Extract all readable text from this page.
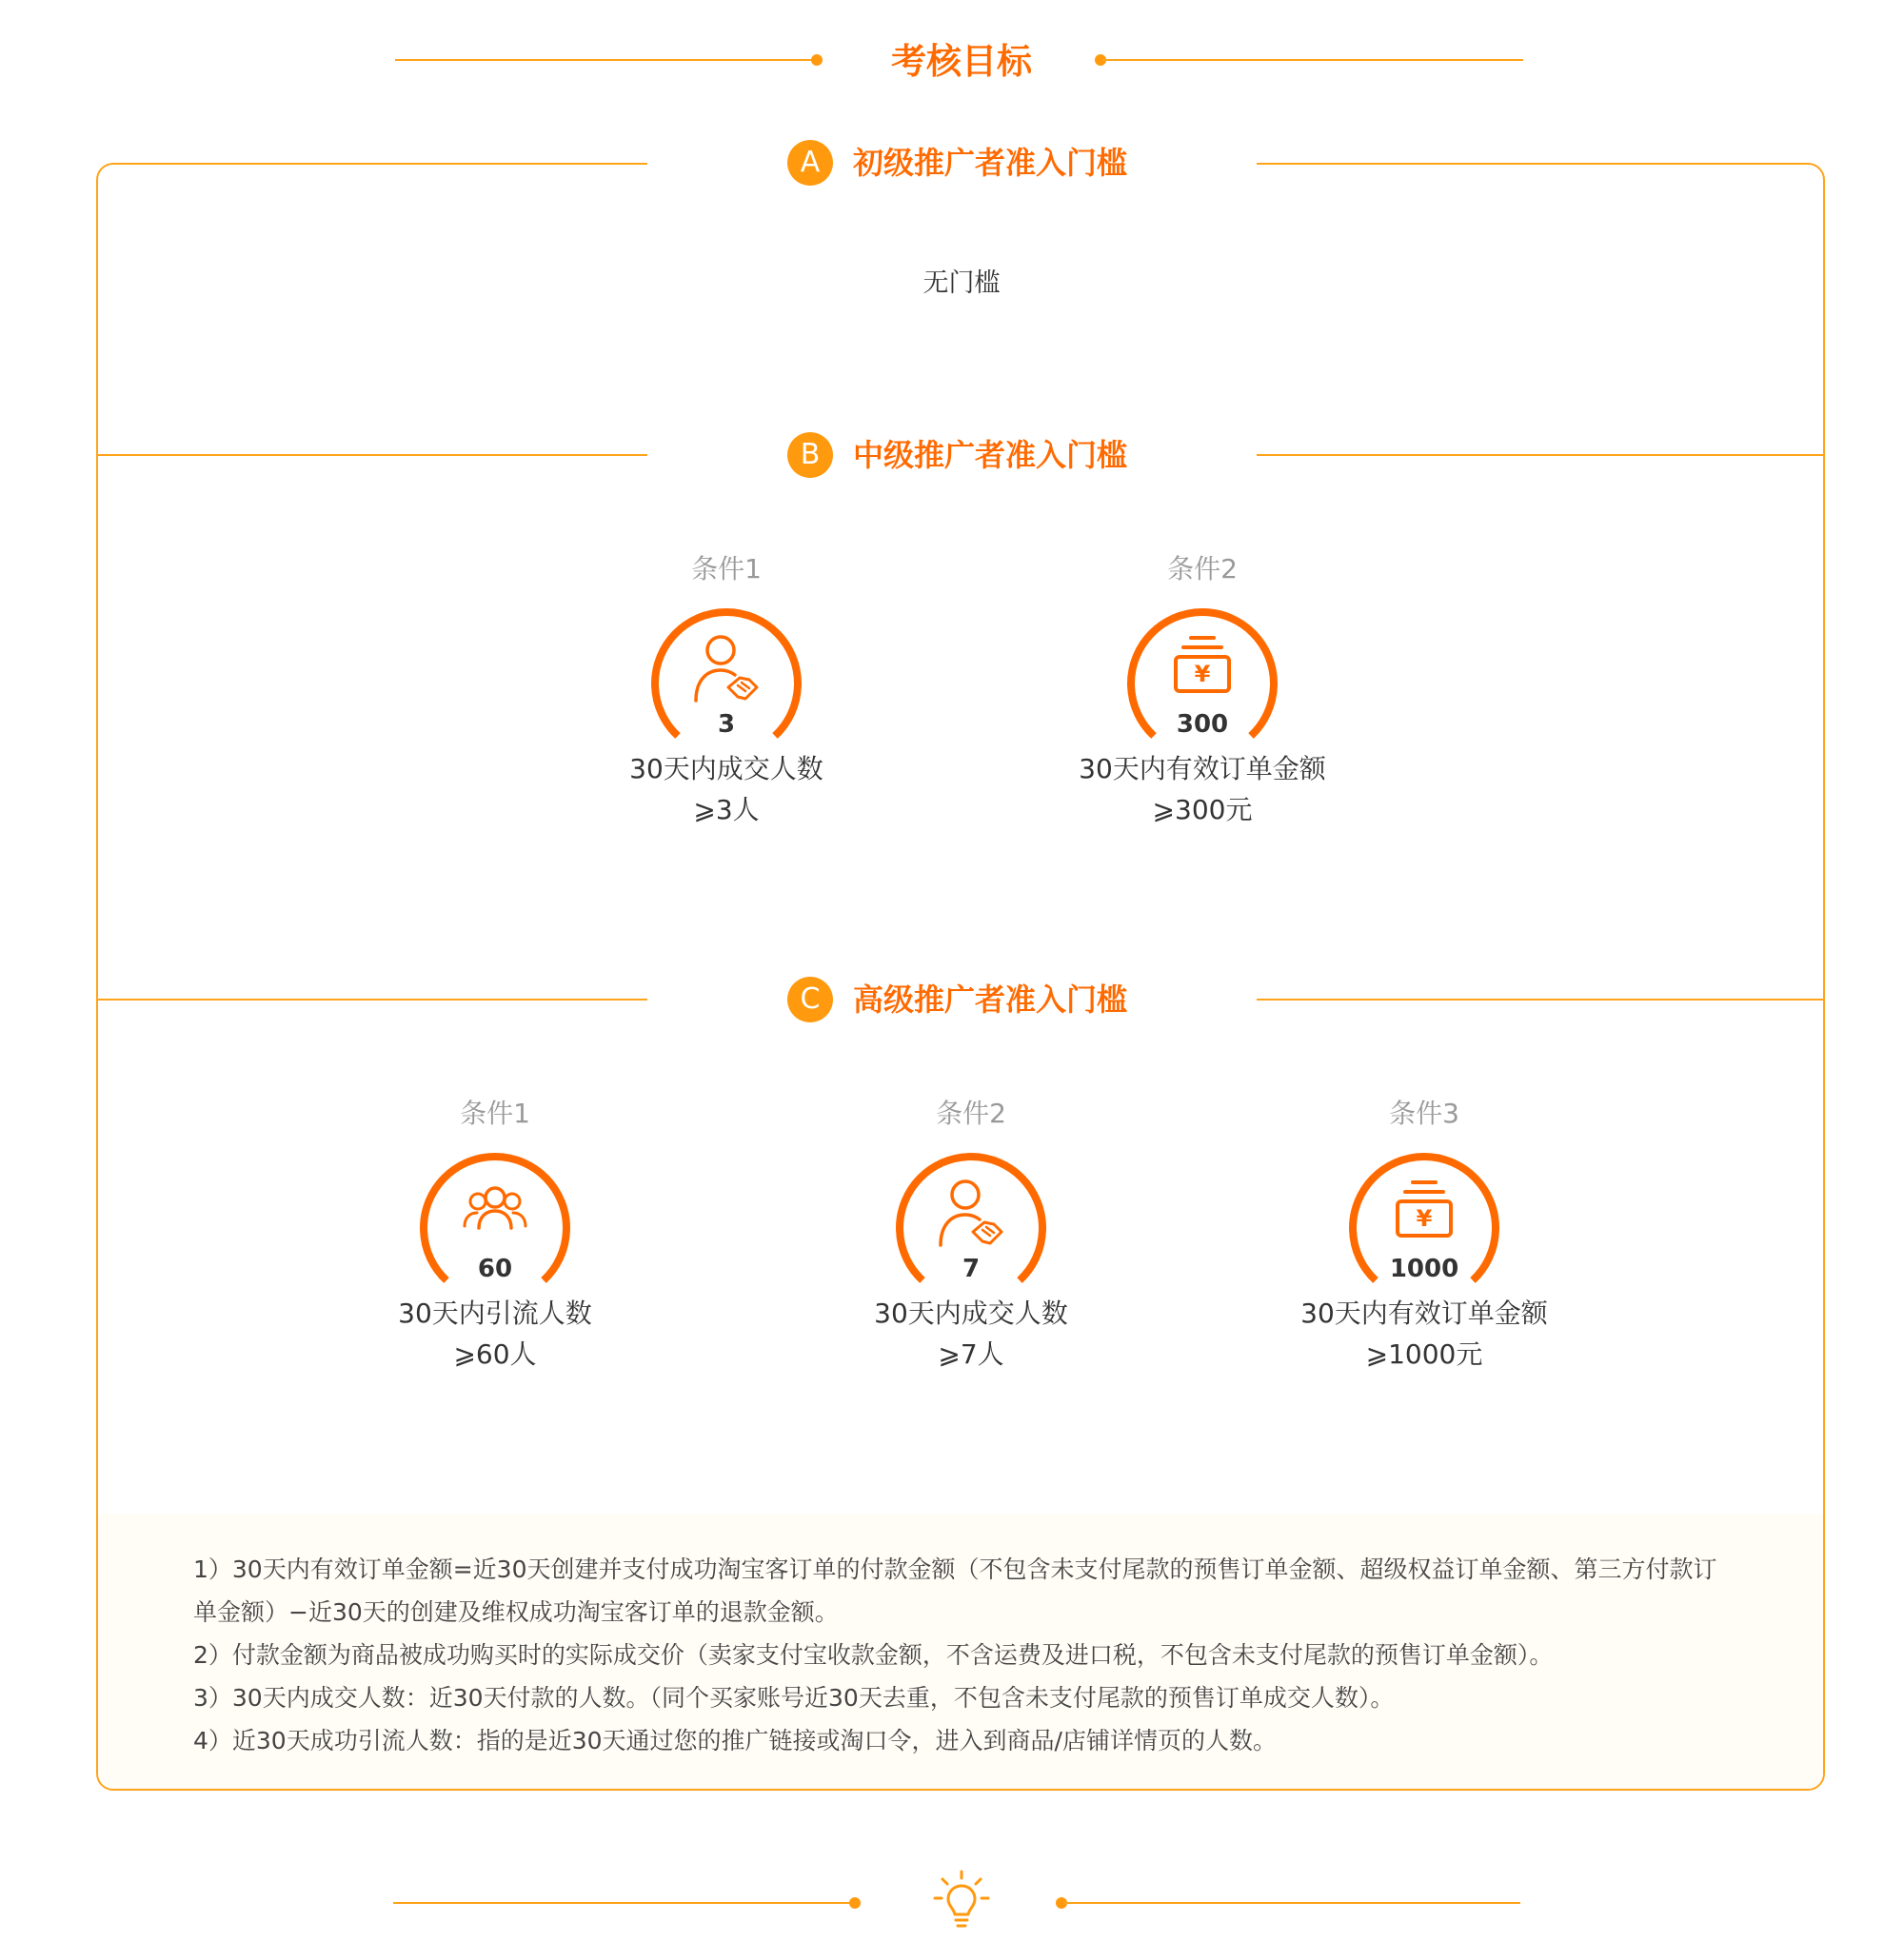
考核目标
A	初级推广者准入门槛
无门槛
B	中级推广者准入门槛
条件1
3
30天内成交人数
⩾3人
条件2
¥
300
30天内有效订单金额
⩾300元
C	高级推广者准入门槛
条件1
60
30天内引流人数
⩾60人
条件2
7
30天内成交人数
⩾7人
条件3
¥
1000
30天内有效订单金额
⩾1000元

1）30天内有效订单金额=近30天创建并支付成功淘宝客订单的付款金额（不包含未支付尾款的预售订单金额、超级权益订单金额、第三方付款订单金额）−近30天的创建及维权成功淘宝客订单的退款金额。

2）付款金额为商品被成功购买时的实际成交价（卖家支付宝收款金额，不含运费及进口税，不包含未支付尾款的预售订单金额）。

3）30天内成交人数：近30天付款的人数。（同个买家账号近30天去重，不包含未支付尾款的预售订单成交人数）。

4）近30天成功引流人数：指的是近30天通过您的推广链接或淘口令，进入到商品/店铺详情页的人数。
